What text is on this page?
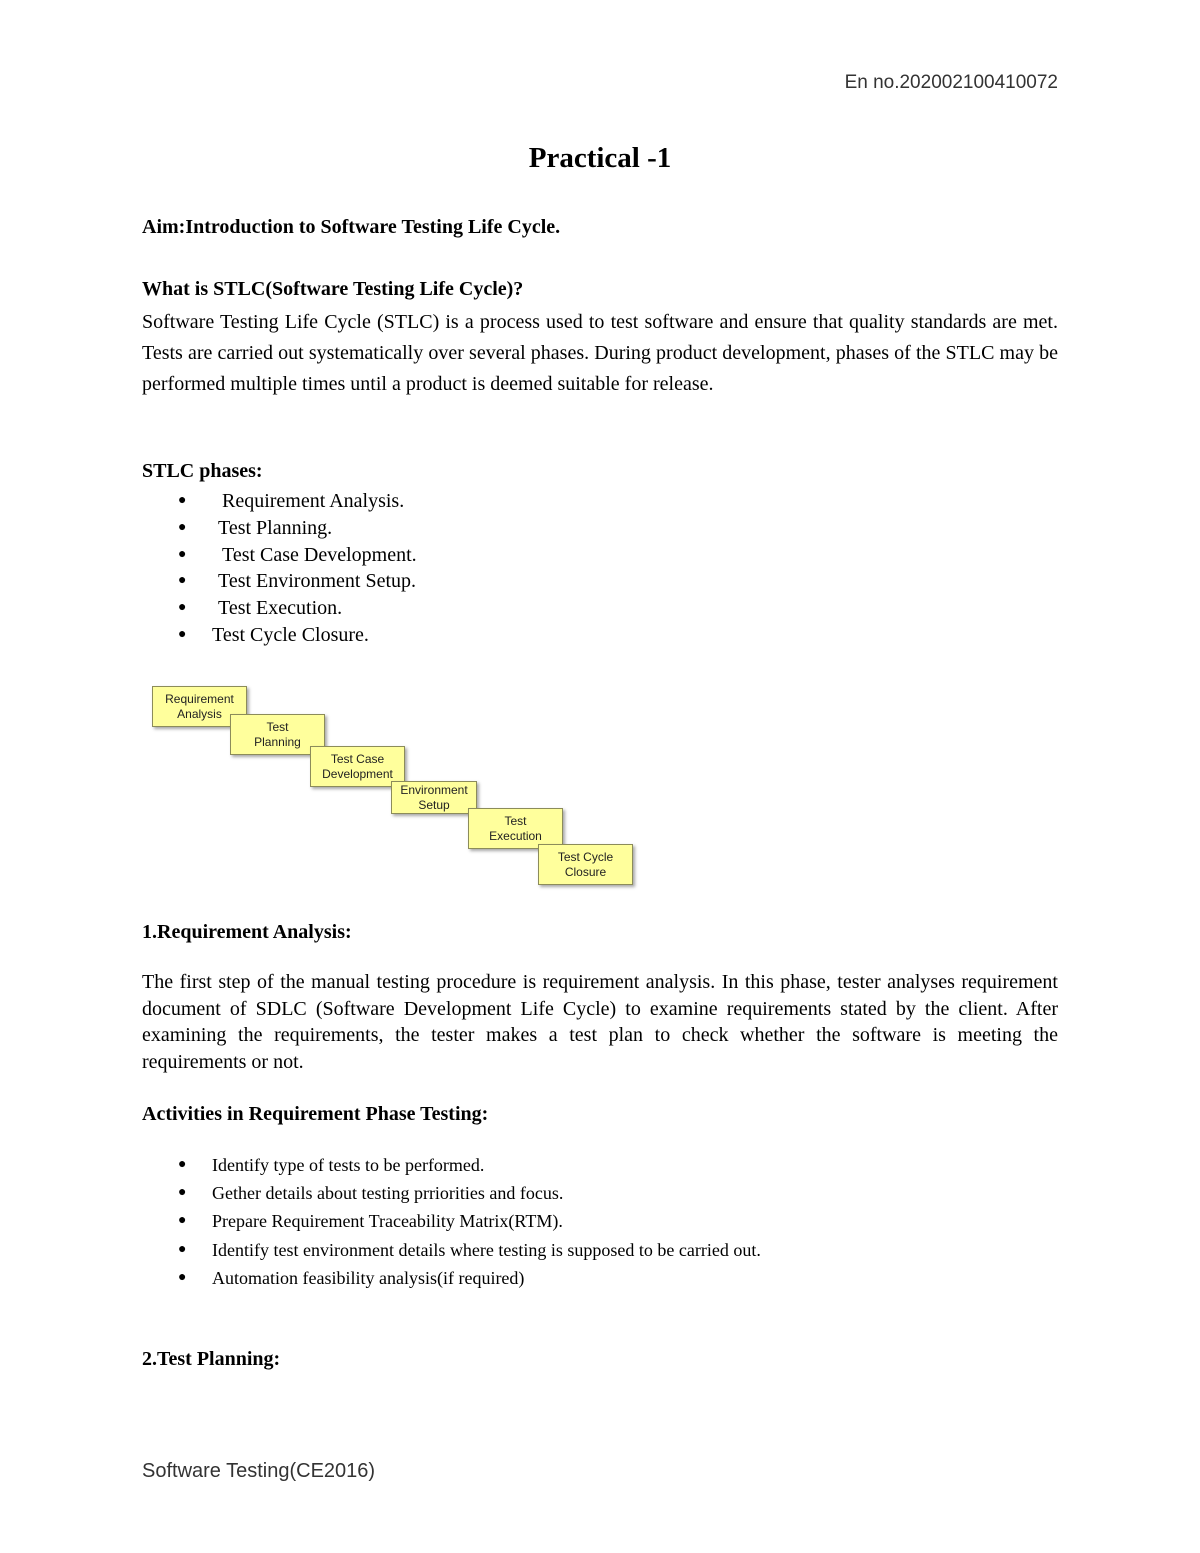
En no.202002100410072
Practical -1

Aim:Introduction to Software Testing Life Cycle.

What is STLC(Software Testing Life Cycle)?

Software Testing Life Cycle (STLC) is a process used to test software and ensure that quality standards are met. Tests are carried out systematically over several phases. During product development, phases of the STLC may be performed multiple times until a product is deemed suitable for release.

STLC phases:

● Requirement Analysis.
● Test Planning.
● Test Case Development.
● Test Environment Setup.
● Test Execution.
● Test Cycle Closure.
Requirement
Analysis
Test
Planning
Test Case
Development
Environment
Setup
Test
Execution
Test Cycle
Closure

1.Requirement Analysis:

The first step of the manual testing procedure is requirement analysis. In this phase, tester analyses requirement document of SDLC (Software Development Life Cycle) to examine requirements stated by the client. After examining the requirements, the tester makes a test plan to check whether the software is meeting the requirements or not.

Activities in Requirement Phase Testing:

● Identify type of tests to be performed.
● Gether details about testing prriorities and focus.
● Prepare Requirement Traceability Matrix(RTM).
● Identify test environment details where testing is supposed to be carried out.
● Automation feasibility analysis(if required)

2.Test Planning:

Software Testing(CE2016)
